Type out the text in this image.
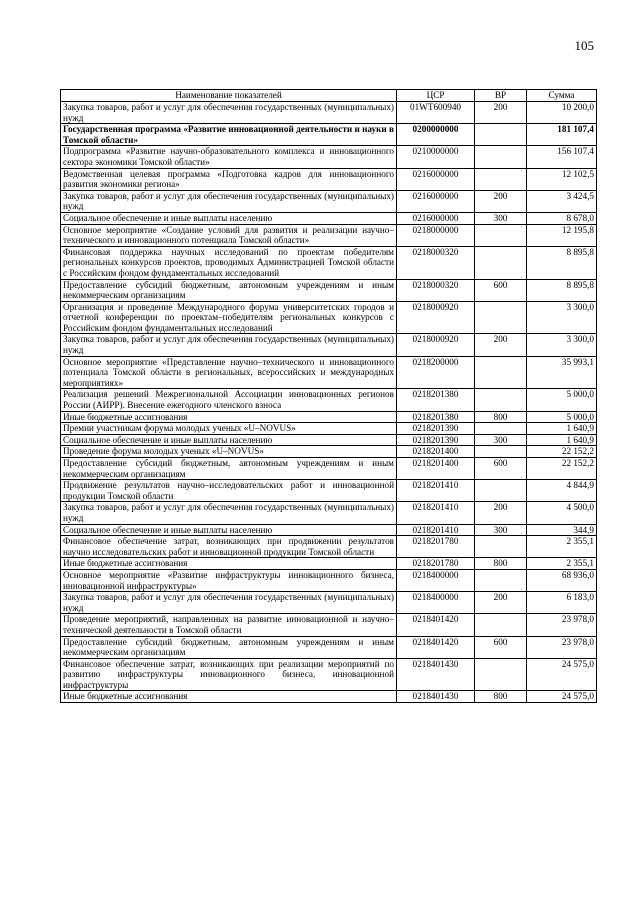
105
Наименование показателей	ЦСР	ВР	Сумма
Закупка товаров, работ и услуг для обеспечения государственных (муниципальных) нужд	01WT600940	200	10 200,0
Государственная программа «Развитие инновационной деятельности и науки в Томской области»	0200000000		181 107,4
Подпрограмма «Развитие научно-образовательного комплекса и инновационного сектора экономики Томской области»	0210000000		156 107,4
Ведомственная целевая программа «Подготовка кадров для инновационного развития экономики региона»	0216000000		12 102,5
Закупка товаров, работ и услуг для обеспечения государственных (муниципальных) нужд	0216000000	200	3 424,5
Социальное обеспечение и иные выплаты населению	0216000000	300	8 678,0
Основное мероприятие «Создание условий для развития и реализации научно–технического и инновационного потенциала Томской области»	0218000000		12 195,8
Финансовая поддержка научных исследований по проектам победителям региональных конкурсов проектов, проводимых Администрацией Томской области с Российским фондом фундаментальных исследований	0218000320		8 895,8
Предоставление субсидий бюджетным, автономным учреждениям и иным некоммерческим организациям	0218000320	600	8 895,8
Организация и проведение Международного форума университетских городов и отчетной конференции по проектам–победителям региональных конкурсов с Российским фондом фундаментальных исследований	0218000920		3 300,0
Закупка товаров, работ и услуг для обеспечения государственных (муниципальных) нужд	0218000920	200	3 300,0
Основное мероприятие «Представление научно–технического и инновационного потенциала Томской области в региональных, всероссийских и международных мероприятиях»	0218200000		35 993,1
Реализация решений Межрегиональной Ассоциации инновационных регионов России (АИРР). Внесение ежегодного членского взноса	0218201380		5 000,0
Иные бюджетные ассигнования	0218201380	800	5 000,0
Премии участникам форума молодых ученых «U–NOVUS»	0218201390		1 640,9
Социальное обеспечение и иные выплаты населению	0218201390	300	1 640,9
Проведение форума молодых ученых «U–NOVUS»	0218201400		22 152,2
Предоставление субсидий бюджетным, автономным учреждениям и иным некоммерческим организациям	0218201400	600	22 152,2
Продвижение результатов научно–исследовательских работ и инновационной продукции Томской области	0218201410		4 844,9
Закупка товаров, работ и услуг для обеспечения государственных (муниципальных) нужд	0218201410	200	4 500,0
Социальное обеспечение и иные выплаты населению	0218201410	300	344,9
Финансовое обеспечение затрат, возникающих при продвижении результатов научно исследовательских работ и инновационной продукции Томской области	0218201780		2 355,1
Иные бюджетные ассигнования	0218201780	800	2 355,1
Основное мероприятие «Развитие инфраструктуры инновационного бизнеса, инновационной инфраструктуры»	0218400000		68 936,0
Закупка товаров, работ и услуг для обеспечения государственных (муниципальных) нужд	0218400000	200	6 183,0
Проведение мероприятий, направленных на развитие инновационной и научно–технической деятельности в Томской области	0218401420		23 978,0
Предоставление субсидий бюджетным, автономным учреждениям и иным некоммерческим организациям	0218401420	600	23 978,0
Финансовое обеспечение затрат, возникающих при реализации мероприятий по развитию инфраструктуры инновационного бизнеса, инновационной инфраструктуры	0218401430		24 575,0
Иные бюджетные ассигнования	0218401430	800	24 575,0
